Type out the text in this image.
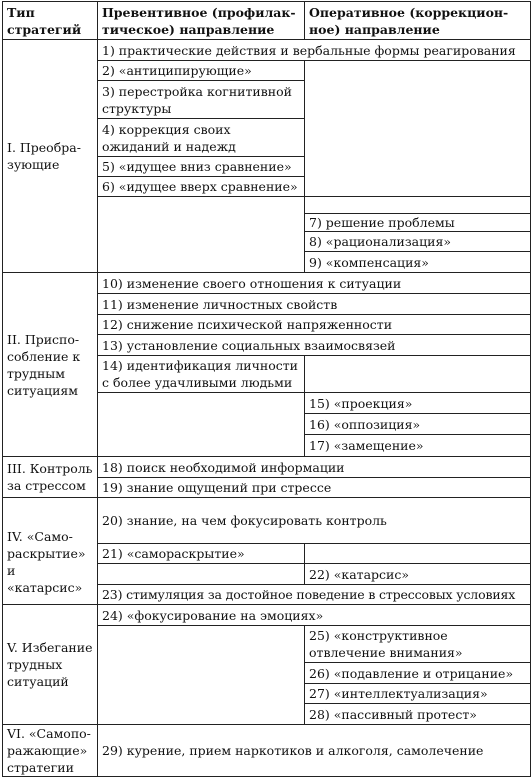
Тип стратегий	Превентивное (профилак-тическое) направление	Оперативное (коррекцион-ное) направление
I. Преобра-зующие	1) практические действия и вербальные формы реагирования	
	2) «антиципирующие»	
	3) перестройка когнитивной структуры	
	4) коррекция своих ожиданий и надежд	
	5) «идущее вниз сравнение»	
	6) «идущее вверх сравнение»	

		7) решение проблемы
		8) «рационализация»
		9) «компенсация»
II. Приспо-собление к трудным ситуациям	10) изменение своего отношения к ситуации	
	11) изменение личностных свойств	
	12) снижение психической напряженности	
	13) установление социальных взаимосвязей	
	14) идентификация личности с более удачливыми людьми	
		15) «проекция»
		16) «оппозиция»
		17) «замещение»
III. Контроль за стрессом	18) поиск необходимой информации	
	19) знание ощущений при стрессе	
IV. «Само-раскрытие» и «катарсис»	20) знание, на чем фокусировать контроль	
	21) «самораскрытие»	
		22) «катарсис»
	23) стимуляция за достойное поведение в стрессовых условиях	
V. Избегание трудных ситуаций	24) «фокусирование на эмоциях»	
		25) «конструктивное отвлечение внимания»
		26) «подавление и отрицание»
		27) «интеллектуализация»
		28) «пассивный протест»
VI. «Самопо-ражающие» стратегии	29) курение, прием наркотиков и алкоголя, самолечение	
